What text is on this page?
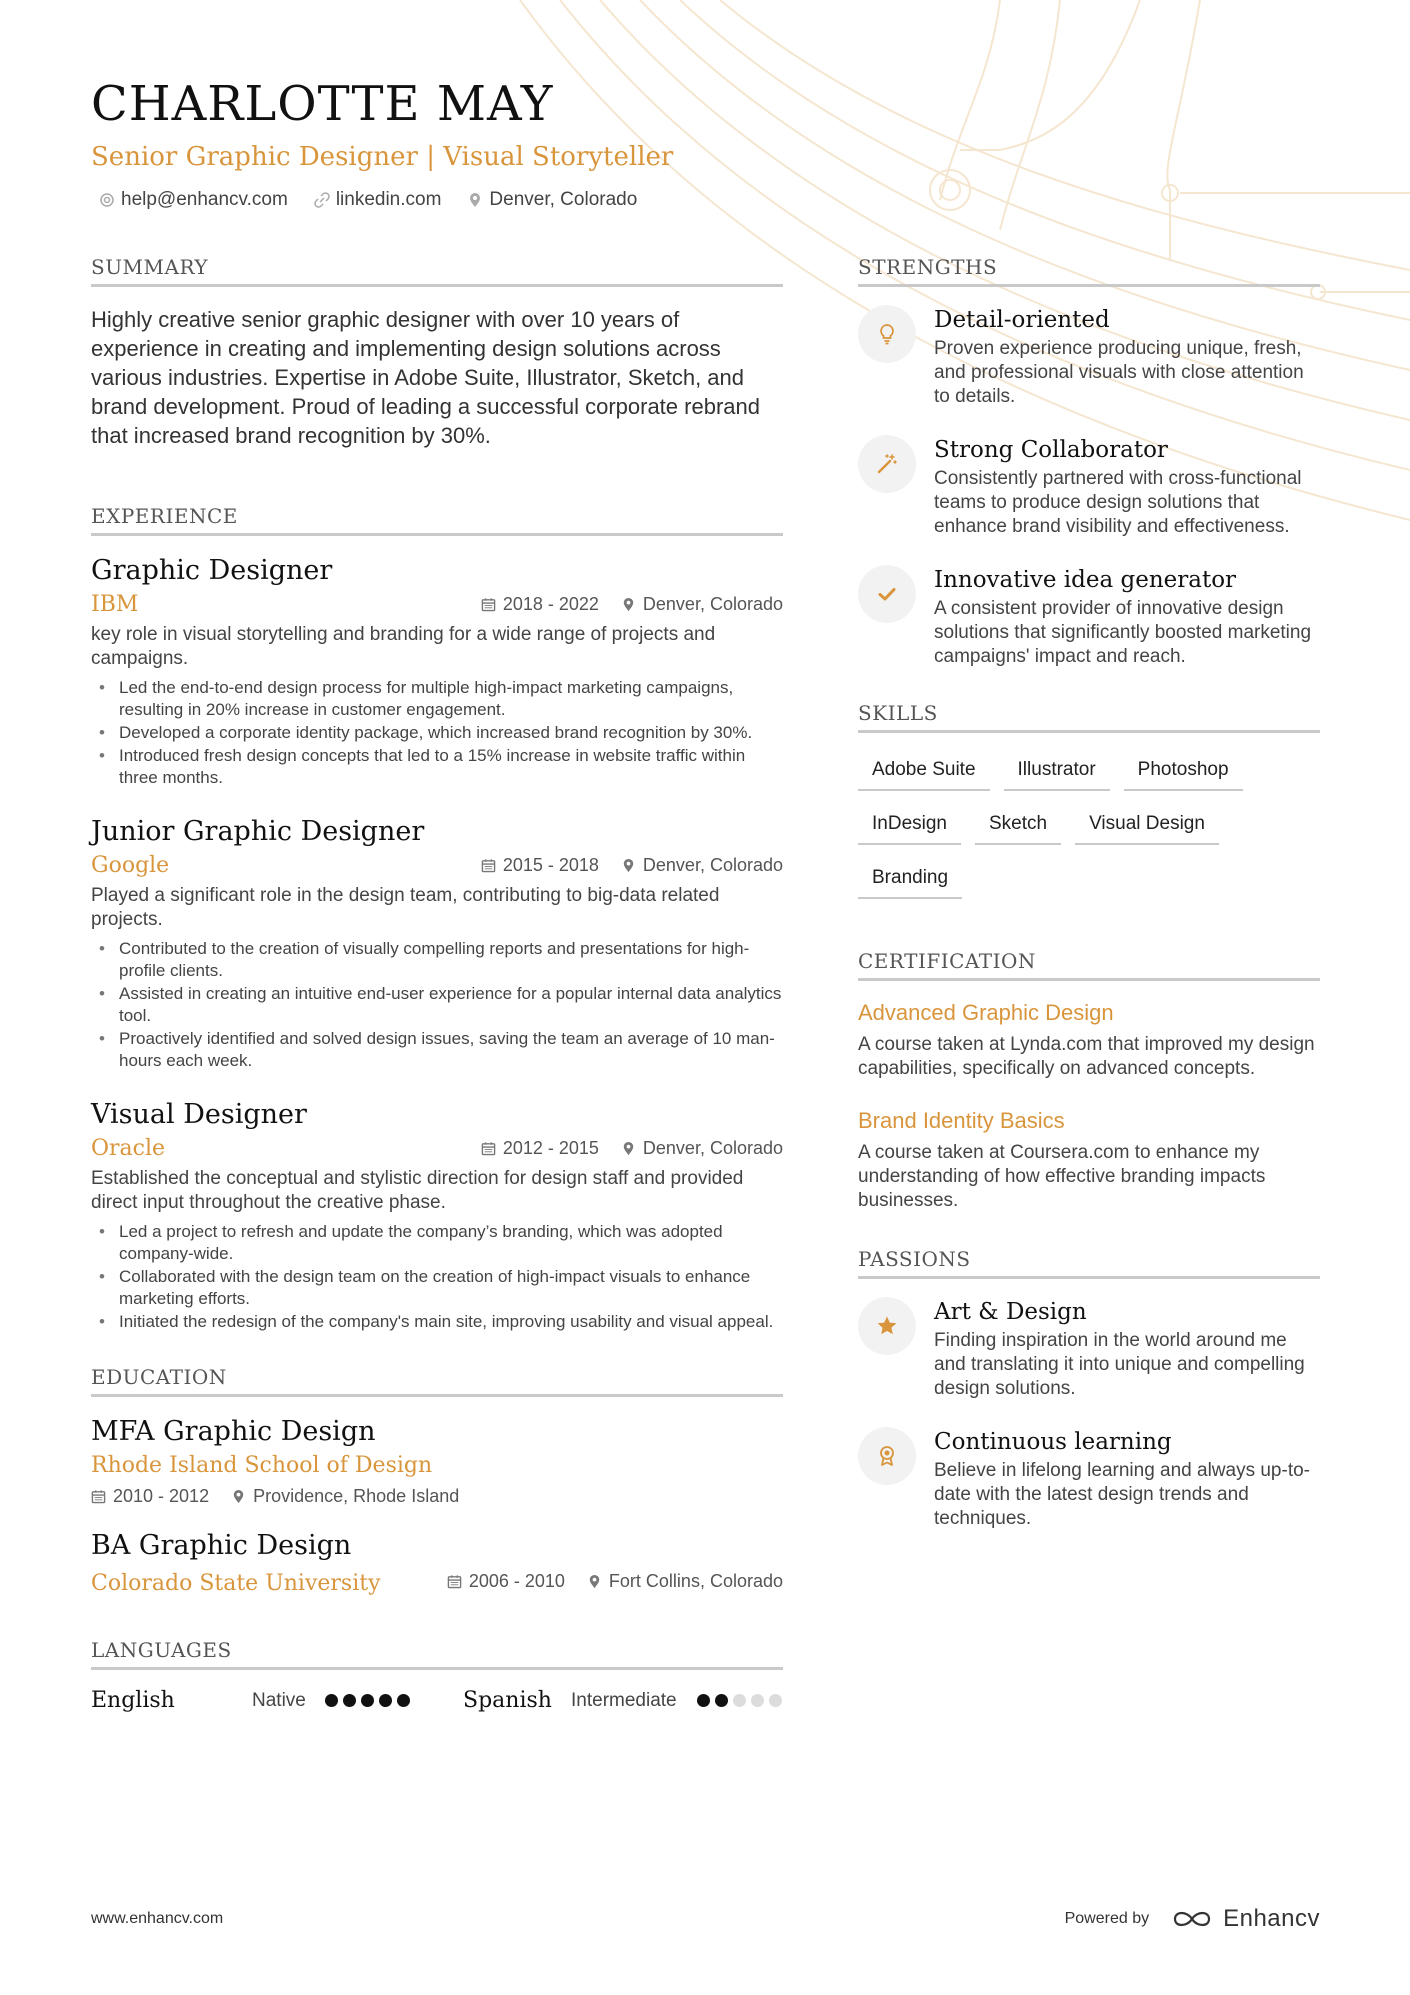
CHARLOTTE MAY
Senior Graphic Designer | Visual Storyteller
help@enhancv.com	linkedin.com	Denver, Colorado
SUMMARY

Highly creative senior graphic designer with over 10 years of experience in creating and implementing design solutions across various industries. Expertise in Adobe Suite, Illustrator, Sketch, and brand development. Proud of leading a successful corporate rebrand that increased brand recognition by 30%.

EXPERIENCE
Graphic Designer
IBM	2018 - 2022 Denver, Colorado

key role in visual storytelling and branding for a wide range of projects and campaigns.

• Led the end-to-end design process for multiple high-impact marketing campaigns, resulting in 20% increase in customer engagement.
• Developed a corporate identity package, which increased brand recognition by 30%.
• Introduced fresh design concepts that led to a 15% increase in website traffic within three months.
Junior Graphic Designer
Google	2015 - 2018 Denver, Colorado

Played a significant role in the design team, contributing to big-data related projects.

• Contributed to the creation of visually compelling reports and presentations for high-profile clients.
• Assisted in creating an intuitive end-user experience for a popular internal data analytics tool.
• Proactively identified and solved design issues, saving the team an average of 10 man-hours each week.
Visual Designer
Oracle	2012 - 2015 Denver, Colorado

Established the conceptual and stylistic direction for design staff and provided direct input throughout the creative phase.

• Led a project to refresh and update the company’s branding, which was adopted company-wide.
• Collaborated with the design team on the creation of high-impact visuals to enhance marketing efforts.
• Initiated the redesign of the company's main site, improving usability and visual appeal.
EDUCATION
MFA Graphic Design
Rhode Island School of Design
2010 - 2012 Providence, Rhode Island
BA Graphic Design
Colorado State University	2006 - 2010 Fort Collins, Colorado
LANGUAGES
English	Native	Spanish	Intermediate
STRENGTHS
Detail-oriented
Proven experience producing unique, fresh, and professional visuals with close attention to details.
Strong Collaborator
Consistently partnered with cross-functional teams to produce design solutions that enhance brand visibility and effectiveness.
Innovative idea generator
A consistent provider of innovative design solutions that significantly boosted marketing campaigns' impact and reach.
SKILLS
Adobe Suite	Illustrator	Photoshop
InDesign	Sketch	Visual Design
Branding
CERTIFICATION
Advanced Graphic Design
A course taken at Lynda.com that improved my design capabilities, specifically on advanced concepts.
Brand Identity Basics
A course taken at Coursera.com to enhance my understanding of how effective branding impacts businesses.
PASSIONS
Art & Design
Finding inspiration in the world around me and translating it into unique and compelling design solutions.
Continuous learning
Believe in lifelong learning and always up-to-date with the latest design trends and techniques.
www.enhancv.com	Powered by	Enhancv
